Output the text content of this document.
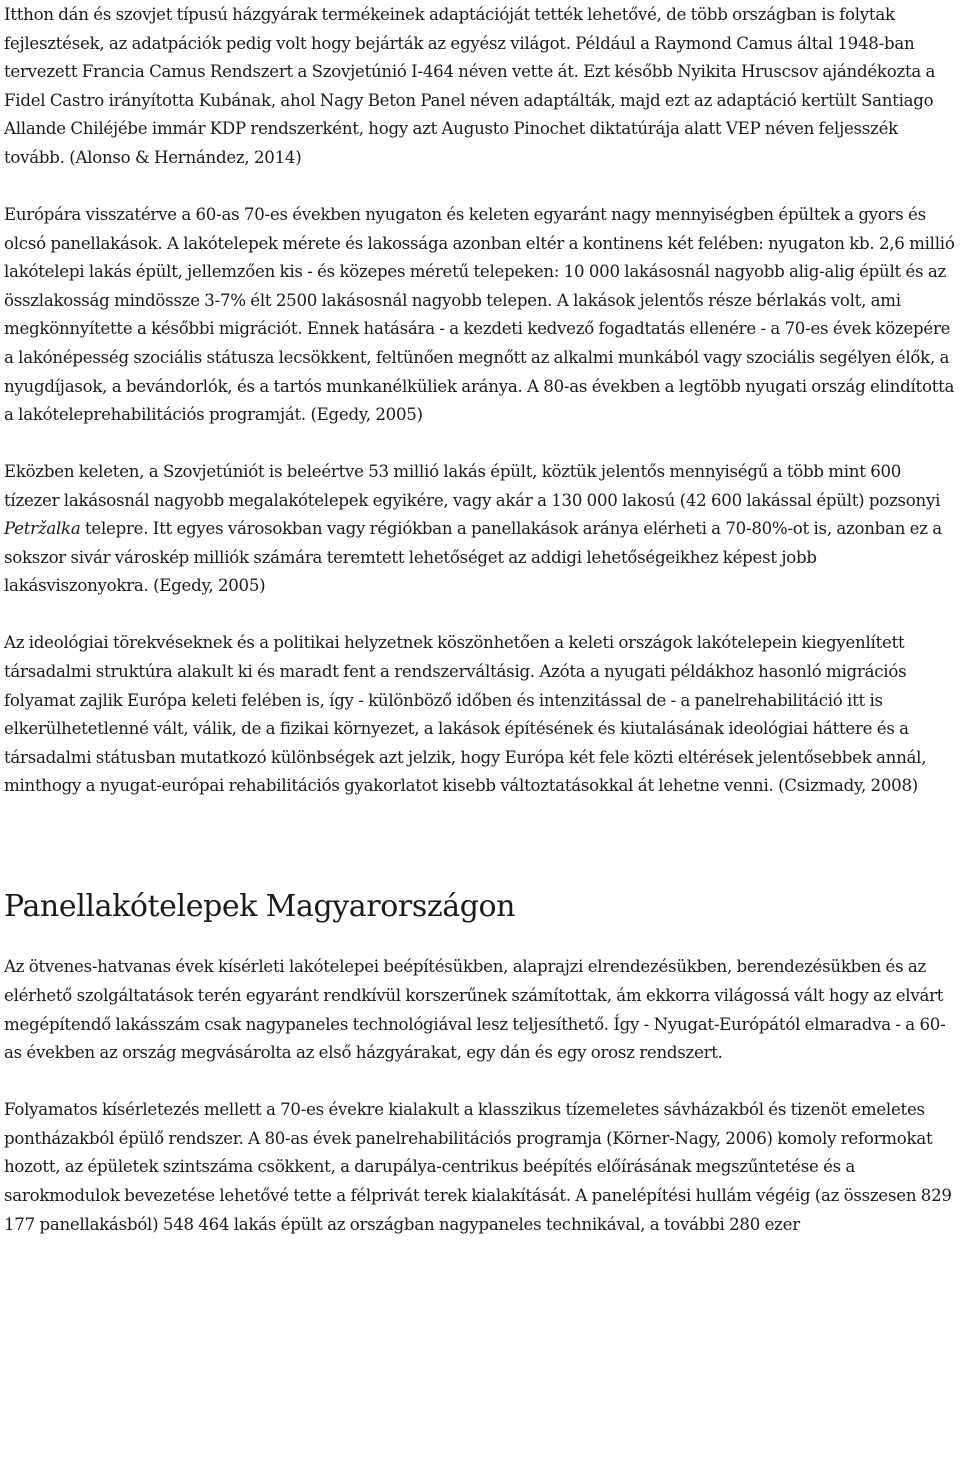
Itthon dán és szovjet típusú házgyárak termékeinek adaptációját tették lehetővé, de több országban is folytak fejlesztések, az adatpációk pedig volt hogy bejárták az egyész világot. Például a Raymond Camus által 1948-ban tervezett Francia Camus Rendszert a Szovjetúnió I-464 néven vette át. Ezt később Nyikita Hruscsov ajándékozta a Fidel Castro irányította Kubának, ahol Nagy Beton Panel néven adaptálták, majd ezt az adaptáció kertült Santiago Allande Chiléjébe immár KDP rendszerként, hogy azt Augusto Pinochet diktatúrája alatt VEP néven feljesszék tovább. (Alonso & Hernández, 2014)

Európára visszatérve a 60-as 70-es években nyugaton és keleten egyaránt nagy mennyiségben épültek a gyors és olcsó panellakások. A lakótelepek mérete és lakossága azonban eltér a kontinens két felében: nyugaton kb. 2,6 millió lakótelepi lakás épült, jellemzően kis - és közepes méretű telepeken: 10 000 lakásosnál nagyobb alig-alig épült és az összlakosság mindössze 3-7% élt 2500 lakásosnál nagyobb telepen. A lakások jelentős része bérlakás volt, ami megkönnyítette a későbbi migrációt. Ennek hatására - a kezdeti kedvező fogadtatás ellenére - a 70-es évek közepére a lakónépesség szociális státusza lecsökkent, feltünően megnőtt az alkalmi munkából vagy szociális segélyen élők, a nyugdíjasok, a bevándorlók, és a tartós munkanélküliek aránya. A 80-as években a legtöbb nyugati ország elindította a lakóteleprehabilitációs programját. (Egedy, 2005)

Eközben keleten, a Szovjetúniót is beleértve 53 millió lakás épült, köztük jelentős mennyiségű a több mint 600 tízezer lakásosnál nagyobb megalakótelepek egyikére, vagy akár a 130 000 lakosú (42 600 lakással épült) pozsonyi Petržalka telepre. Itt egyes városokban vagy régiókban a panellakások aránya elérheti a 70-80%-ot is, azonban ez a sokszor sivár városkép milliók számára teremtett lehetőséget az addigi lehetőségeikhez képest jobb lakásviszonyokra. (Egedy, 2005)

Az ideológiai törekvéseknek és a politikai helyzetnek köszönhetően a keleti országok lakótelepein kiegyenlített társadalmi struktúra alakult ki és maradt fent a rendszerváltásig. Azóta a nyugati példákhoz hasonló migrációs folyamat zajlik Európa keleti felében is, így - különböző időben és intenzitással de - a panelrehabilitáció itt is elkerülhetetlenné vált, válik, de a fizikai környezet, a lakások építésének és kiutalásának ideológiai háttere és a társadalmi státusban mutatkozó különbségek azt jelzik, hogy Európa két fele közti eltérések jelentősebbek annál, minthogy a nyugat-európai rehabilitációs gyakorlatot kisebb változtatásokkal át lehetne venni. (Csizmady, 2008)

Panellakótelepek Magyarországon

Az ötvenes-hatvanas évek kísérleti lakótelepei beépítésükben, alaprajzi elrendezésükben, berendezésükben és az elérhető szolgáltatások terén egyaránt rendkívül korszerűnek számítottak, ám ekkorra világossá vált hogy az elvárt megépítendő lakásszám csak nagypaneles technológiával lesz teljesíthető. Így - Nyugat-Európától elmaradva - a 60-as években az ország megvásárolta az első házgyárakat, egy dán és egy orosz rendszert.

Folyamatos kísérletezés mellett a 70-es évekre kialakult a klasszikus tízemeletes sávházakból és tizenöt emeletes pontházakból épülő rendszer. A 80-as évek panelrehabilitációs programja (Körner-Nagy, 2006) komoly reformokat hozott, az épületek szintszáma csökkent, a darupálya-centrikus beépítés előírásának megszűntetése és a sarokmodulok bevezetése lehetővé tette a félprivát terek kialakítását. A panelépítési hullám végéig (az összesen 829 177 panellakásból) 548 464 lakás épült az országban nagypaneles technikával, a további 280 ezer
